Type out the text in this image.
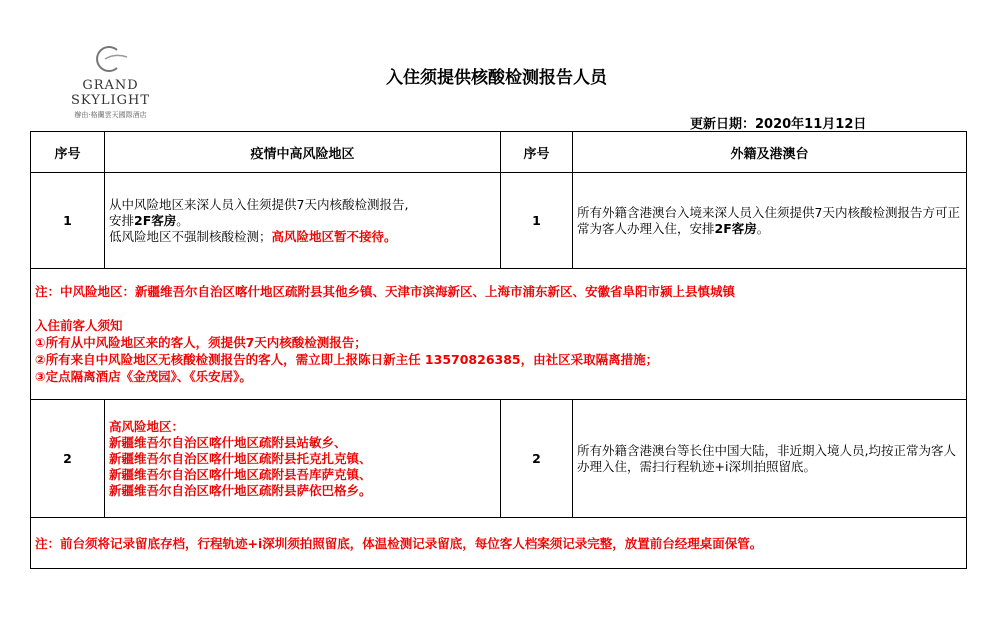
GRAND SKYLIGHT
辦由·格蘭雲天國際酒店
入住须提供核酸检测报告人员
更新日期：2020年11月12日
序号	疫情中高风险地区	序号	外籍及港澳台
1	从中风险地区来深人员入住须提供7天内核酸检测报告,
安排2F客房。
低风险地区不强制核酸检测；高风险地区暂不接待。	1	所有外籍含港澳台入境来深人员入住须提供7天内核酸检测报告方可正常为客人办理入住，安排2F客房。

注：中风险地区：新疆维吾尔自治区喀什地区疏附县其他乡镇、天津市滨海新区、上海市浦东新区、安徽省阜阳市颍上县慎城镇
入住前客人须知
①所有从中风险地区来的客人，须提供7天内核酸检测报告；
②所有来自中风险地区无核酸检测报告的客人，需立即上报陈日新主任 13570826385，由社区采取隔离措施；
③定点隔离酒店《金茂园》、《乐安居》。			

2	高风险地区：
新疆维吾尔自治区喀什地区疏附县站敏乡、
新疆维吾尔自治区喀什地区疏附县托克扎克镇、
新疆维吾尔自治区喀什地区疏附县吾库萨克镇、
新疆维吾尔自治区喀什地区疏附县萨依巴格乡。	2	所有外籍含港澳台等长住中国大陆，非近期入境人员,均按正常为客人办理入住，需扫行程轨迹+i深圳拍照留底。
注：前台须将记录留底存档，行程轨迹+i深圳须拍照留底，体温检测记录留底，每位客人档案须记录完整，放置前台经理桌面保管。			
